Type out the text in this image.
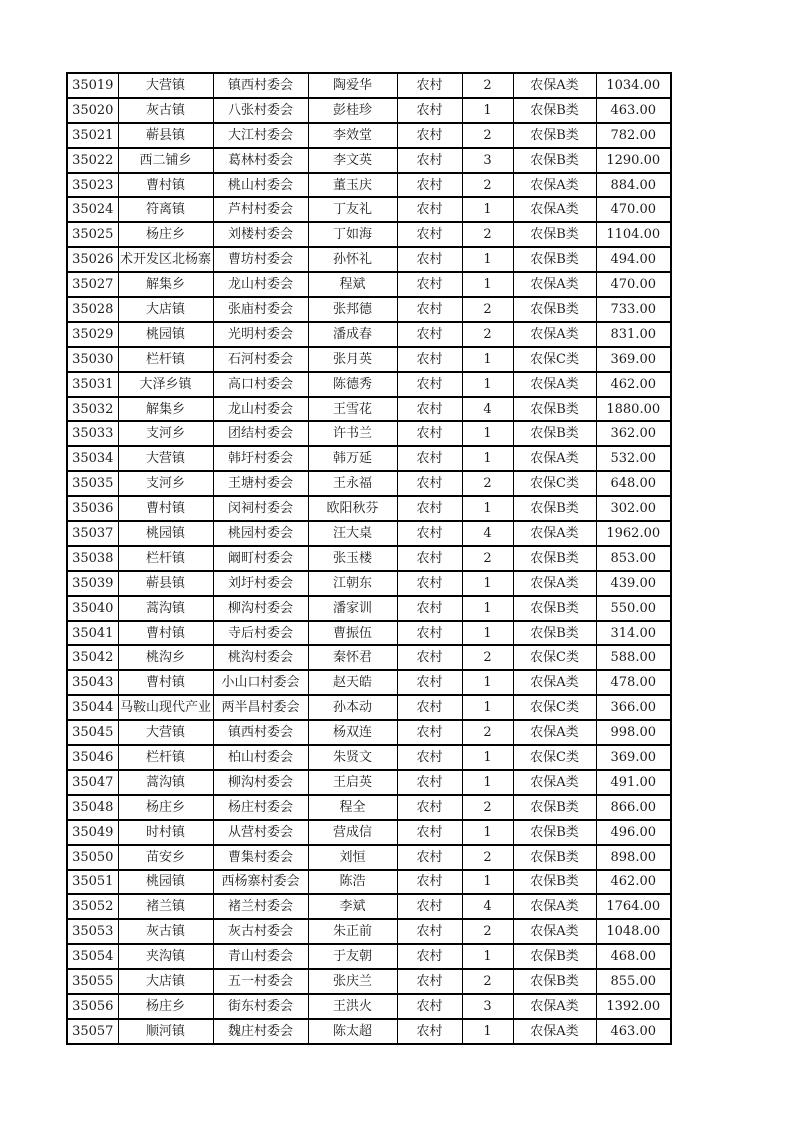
35019	大营镇	镇西村委会	陶爱华	农村	2	农保A类	1034.00
35020	灰古镇	八张村委会	彭桂珍	农村	1	农保B类	463.00
35021	蕲县镇	大江村委会	李效堂	农村	2	农保B类	782.00
35022	西二铺乡	葛林村委会	李文英	农村	3	农保B类	1290.00
35023	曹村镇	桃山村委会	董玉庆	农村	2	农保A类	884.00
35024	符离镇	芦村村委会	丁友礼	农村	1	农保A类	470.00
35025	杨庄乡	刘楼村委会	丁如海	农村	2	农保B类	1104.00
35026	术开发区北杨寨	曹坊村委会	孙怀礼	农村	1	农保B类	494.00
35027	解集乡	龙山村委会	程斌	农村	1	农保A类	470.00
35028	大店镇	张庙村委会	张邦德	农村	2	农保B类	733.00
35029	桃园镇	光明村委会	潘成春	农村	2	农保A类	831.00
35030	栏杆镇	石河村委会	张月英	农村	1	农保C类	369.00
35031	大泽乡镇	高口村委会	陈德秀	农村	1	农保A类	462.00
35032	解集乡	龙山村委会	王雪花	农村	4	农保B类	1880.00
35033	支河乡	团结村委会	许书兰	农村	1	农保B类	362.00
35034	大营镇	韩圩村委会	韩万延	农村	1	农保A类	532.00
35035	支河乡	王塘村委会	王永福	农村	2	农保C类	648.00
35036	曹村镇	闵祠村委会	欧阳秋芬	农村	1	农保B类	302.00
35037	桃园镇	桃园村委会	汪大桌	农村	4	农保A类	1962.00
35038	栏杆镇	阚町村委会	张玉楼	农村	2	农保B类	853.00
35039	蕲县镇	刘圩村委会	江朝东	农村	1	农保A类	439.00
35040	蒿沟镇	柳沟村委会	潘家训	农村	1	农保B类	550.00
35041	曹村镇	寺后村委会	曹振伍	农村	1	农保B类	314.00
35042	桃沟乡	桃沟村委会	秦怀君	农村	2	农保C类	588.00
35043	曹村镇	小山口村委会	赵天皓	农村	1	农保A类	478.00
35044	马鞍山现代产业	两半昌村委会	孙本动	农村	1	农保C类	366.00
35045	大营镇	镇西村委会	杨双连	农村	2	农保A类	998.00
35046	栏杆镇	柏山村委会	朱贤文	农村	1	农保C类	369.00
35047	蒿沟镇	柳沟村委会	王启英	农村	1	农保A类	491.00
35048	杨庄乡	杨庄村委会	程全	农村	2	农保B类	866.00
35049	时村镇	从营村委会	营成信	农村	1	农保B类	496.00
35050	苗安乡	曹集村委会	刘恒	农村	2	农保B类	898.00
35051	桃园镇	西杨寨村委会	陈浩	农村	1	农保B类	462.00
35052	褚兰镇	褚兰村委会	李斌	农村	4	农保A类	1764.00
35053	灰古镇	灰古村委会	朱正前	农村	2	农保A类	1048.00
35054	夹沟镇	青山村委会	于友朝	农村	1	农保B类	468.00
35055	大店镇	五一村委会	张庆兰	农村	2	农保B类	855.00
35056	杨庄乡	街东村委会	王洪火	农村	3	农保A类	1392.00
35057	顺河镇	魏庄村委会	陈太超	农村	1	农保A类	463.00
